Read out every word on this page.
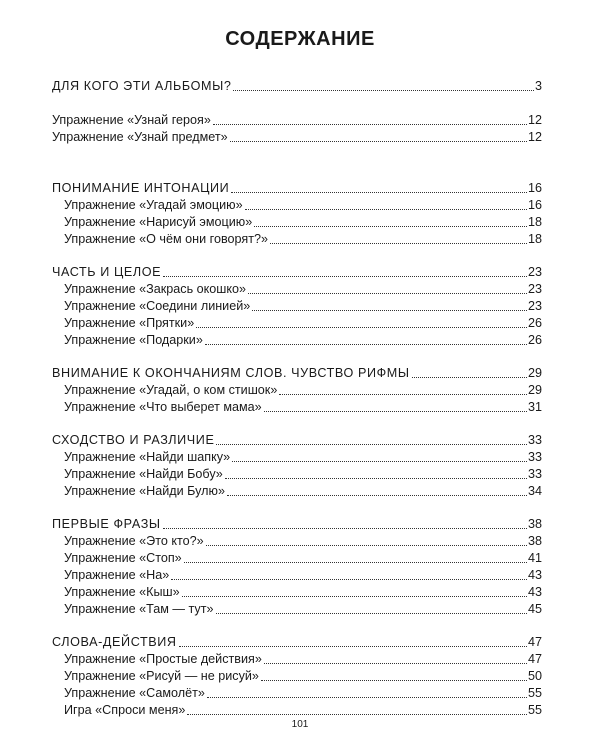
СОДЕРЖАНИЕ
ДЛЯ КОГО ЭТИ АЛЬБОМЫ?	3
Упражнение «Узнай героя»	12
Упражнение «Узнай предмет»	12
ПОНИМАНИЕ ИНТОНАЦИИ	16
Упражнение «Угадай эмоцию»	16
Упражнение «Нарисуй эмоцию»	18
Упражнение «О чём они говорят?»	18
ЧАСТЬ И ЦЕЛОЕ	23
Упражнение «Закрась окошко»	23
Упражнение «Соедини линией»	23
Упражнение «Прятки»	26
Упражнение «Подарки»	26
ВНИМАНИЕ К ОКОНЧАНИЯМ СЛОВ. ЧУВСТВО РИФМЫ	29
Упражнение «Угадай, о ком стишок»	29
Упражнение «Что выберет мама»	31
СХОДСТВО И РАЗЛИЧИЕ	33
Упражнение «Найди шапку»	33
Упражнение «Найди Бобу»	33
Упражнение «Найди Булю»	34
ПЕРВЫЕ ФРАЗЫ	38
Упражнение «Это кто?»	38
Упражнение «Стоп»	41
Упражнение «На»	43
Упражнение «Кыш»	43
Упражнение «Там — тут»	45
СЛОВА-ДЕЙСТВИЯ	47
Упражнение «Простые действия»	47
Упражнение «Рисуй — не рисуй»	50
Упражнение «Самолёт»	55
Игра «Спроси меня»	55
101
